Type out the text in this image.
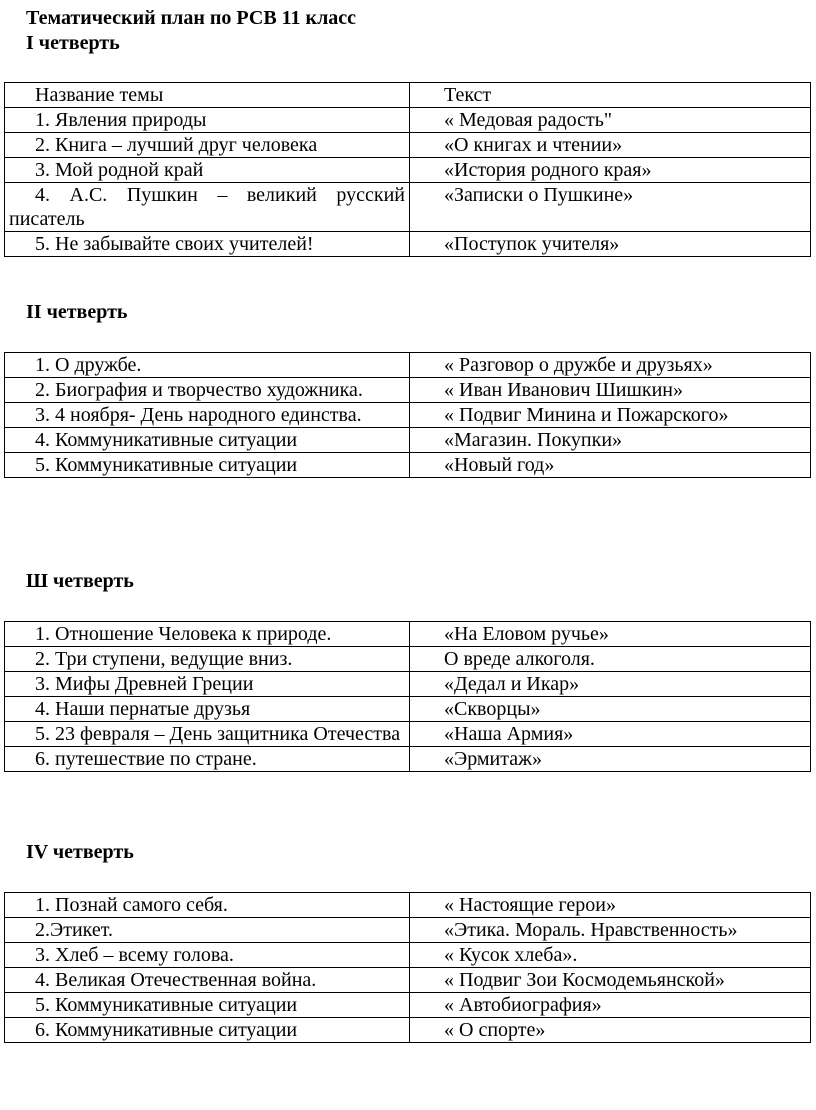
Тематический план по РСВ 11 класс
I четверть
Название темы	Текст
1. Явления природы	« Медовая радость"
2. Книга – лучший друг человека	«О книгах и чтении»
3. Мой родной край	«История родного края»
4. А.С. Пушкин – великий русский писатель	«Записки о Пушкине»
5. Не забывайте своих учителей!	«Поступок учителя»
II четверть
1. О дружбе.	« Разговор о дружбе и друзьях»
2. Биография и творчество художника.	« Иван Иванович Шишкин»
3. 4 ноября- День народного единства.	« Подвиг Минина и Пожарского»
4. Коммуникативные ситуации	«Магазин. Покупки»
5. Коммуникативные ситуации	«Новый год»
Ш четверть
1. Отношение Человека к природе.	«На Еловом ручье»
2. Три ступени, ведущие вниз.	О вреде алкоголя.
3. Мифы Древней Греции	«Дедал и Икар»
4. Наши пернатые друзья	«Скворцы»
5. 23 февраля – День защитника Отечества	«Наша Армия»
6. путешествие по стране.	«Эрмитаж»
IV четверть
1. Познай самого себя.	« Настоящие герои»
2.Этикет.	«Этика. Мораль. Нравственность»
3. Хлеб – всему голова.	« Кусок хлеба».
4. Великая Отечественная война.	« Подвиг Зои Космодемьянской»
5. Коммуникативные ситуации	« Автобиография»
6. Коммуникативные ситуации	« О спорте»
